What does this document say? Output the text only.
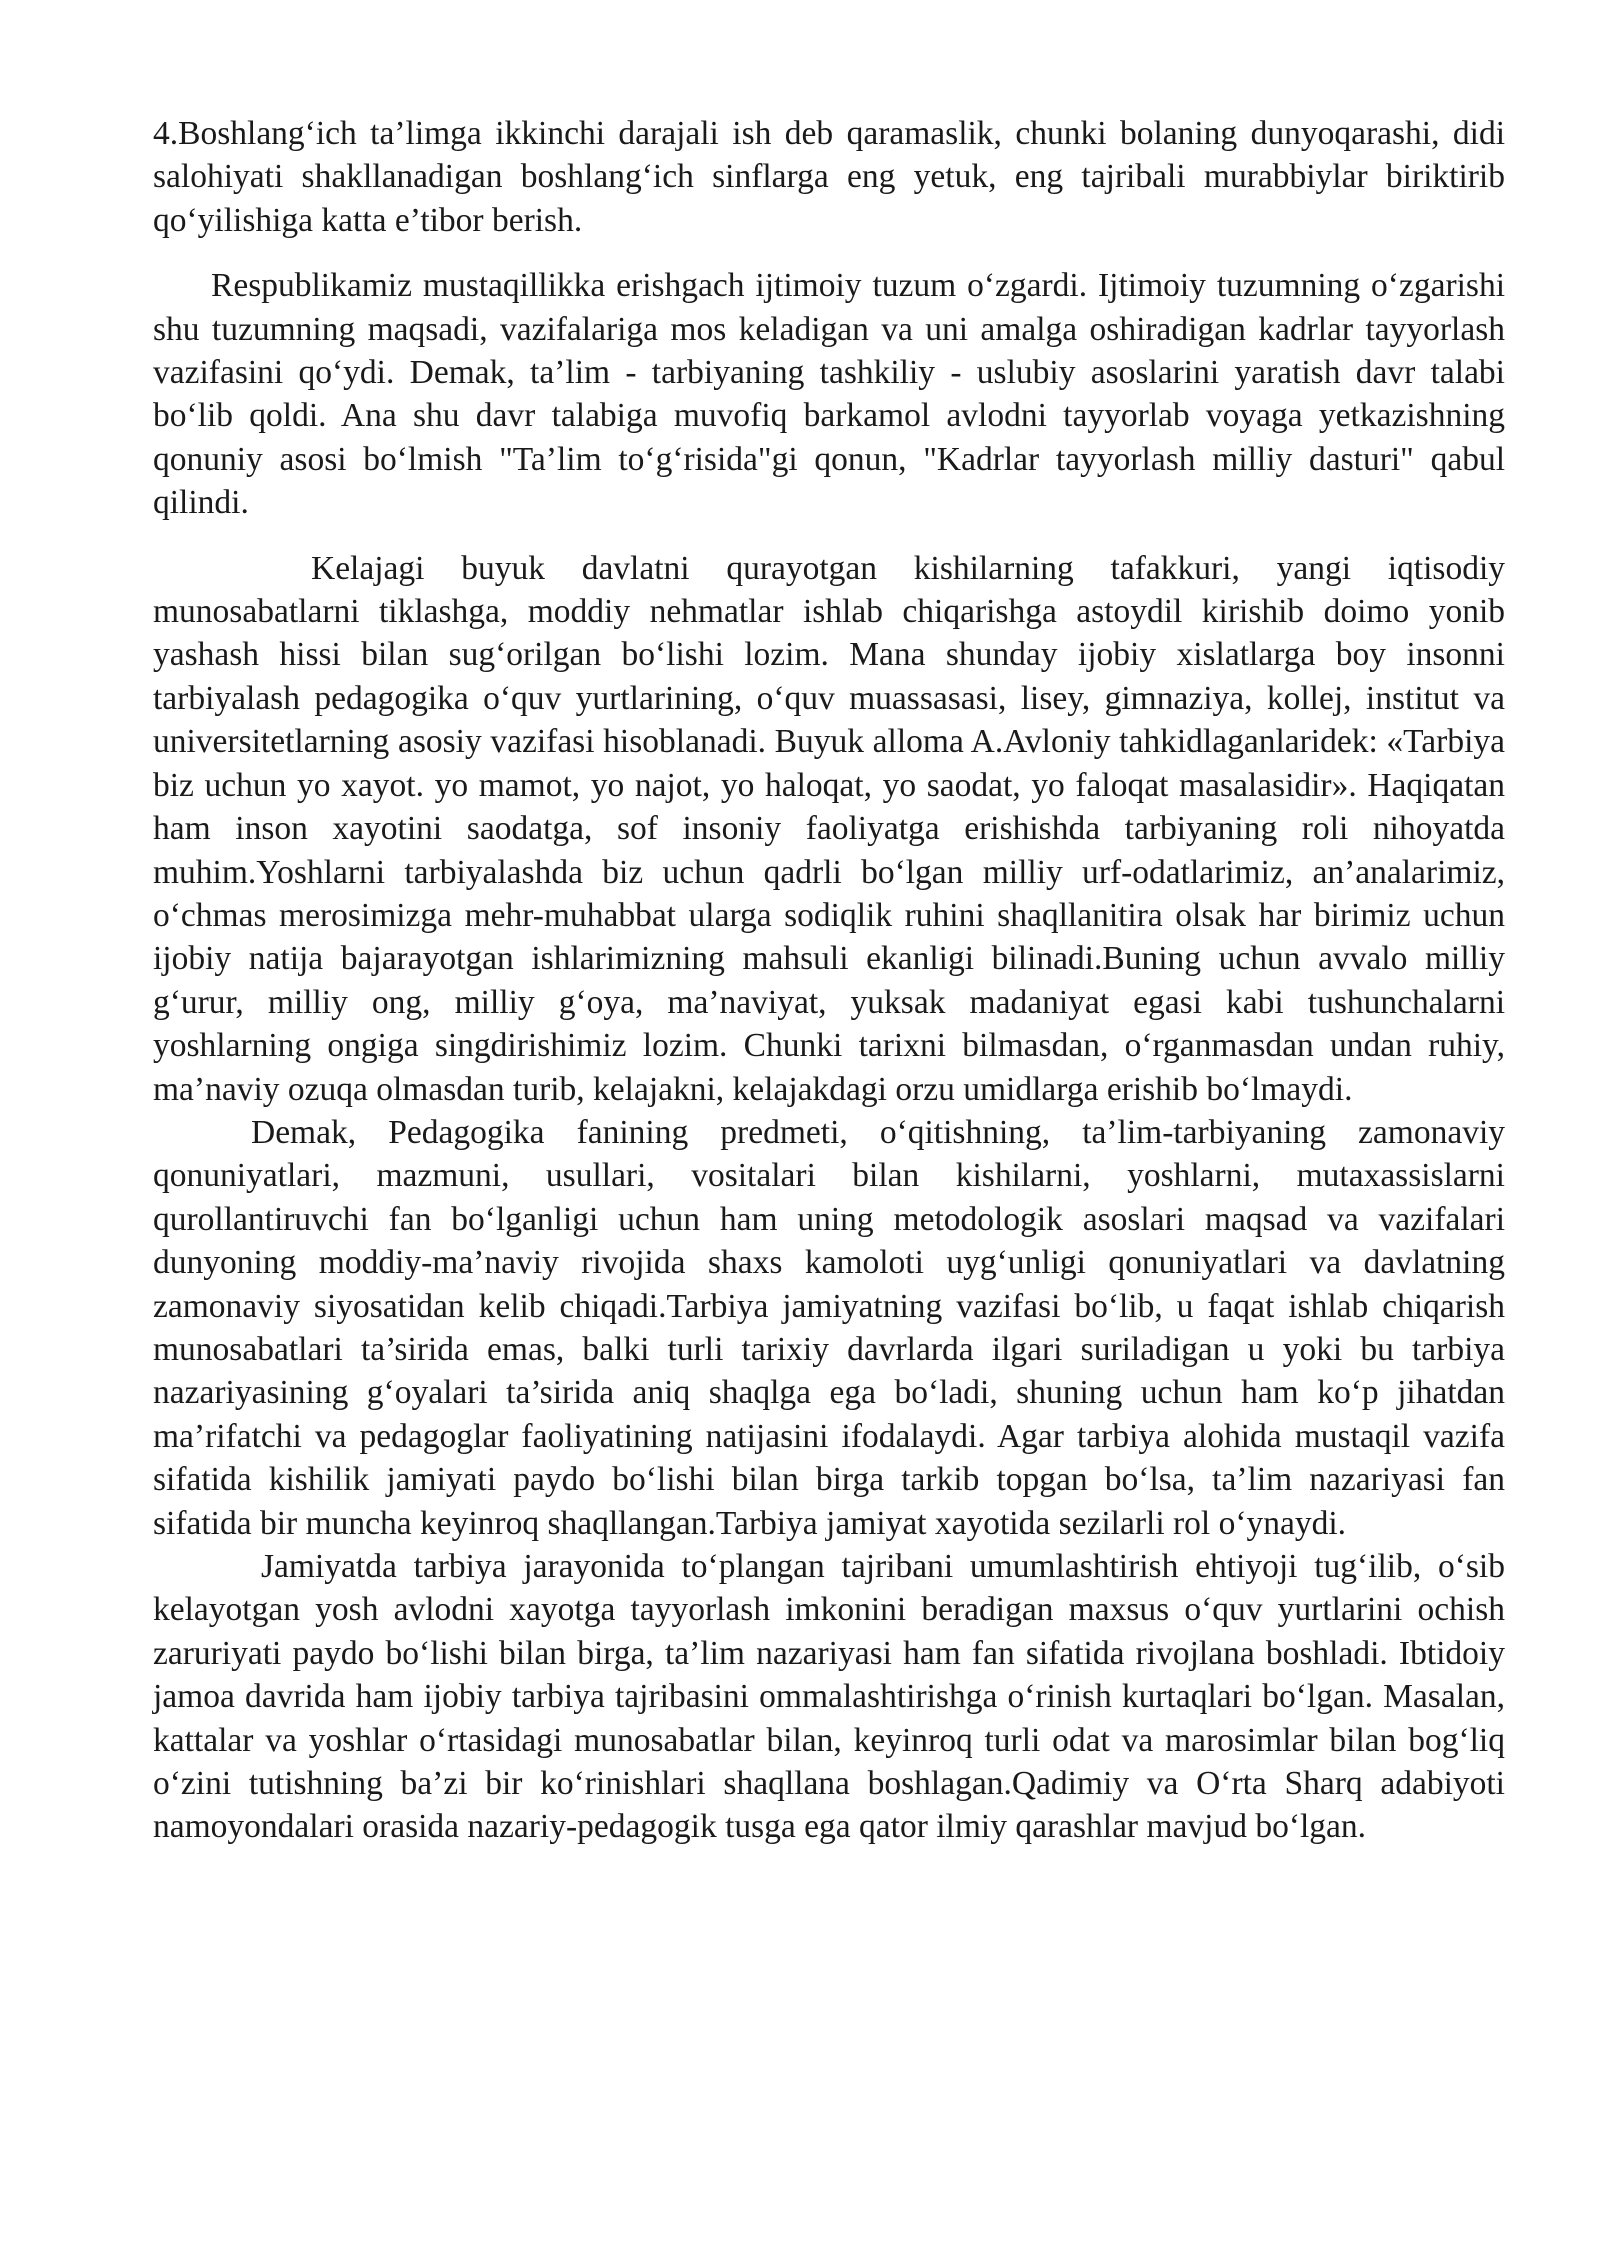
4.Boshlang‘ich ta’limga ikkinchi darajali ish deb qaramaslik, chunki bolaning dunyoqarashi, didi salohiyati shakllanadigan boshlang‘ich sinflarga eng yetuk, eng tajribali murabbiylar biriktirib qo‘yilishiga katta e’tibor berish.

Respublikamiz mustaqillikka erishgach ijtimoiy tuzum o‘zgardi. Ijtimoiy tuzumning o‘zgarishi shu tuzumning maqsadi, vazifalariga mos keladigan va uni amalga oshiradigan kadrlar tayyorlash vazifasini qo‘ydi. Demak, ta’lim - tarbiyaning tashkiliy - uslubiy asoslarini yaratish davr talabi bo‘lib qoldi. Ana shu davr talabiga muvofiq barkamol avlodni tayyorlab voyaga yetkazishning qonuniy asosi bo‘lmish "Ta’lim to‘g‘risida"gi qonun, "Kadrlar tayyorlash milliy dasturi" qabul qilindi.

Kelajagi buyuk davlatni qurayotgan kishilarning tafakkuri, yangi iqtisodiy munosabatlarni tiklashga, moddiy nehmatlar ishlab chiqarishga astoydil kirishib doimo yonib yashash hissi bilan sug‘orilgan bo‘lishi lozim. Mana shunday ijobiy xislatlarga boy insonni tarbiyalash pedagogika o‘quv yurtlarining, o‘quv muassasasi, lisey, gimnaziya, kollej, institut va universitetlarning asosiy vazifasi hisoblanadi. Buyuk alloma A.Avloniy tahkidlaganlaridek: «Tarbiya biz uchun yo xayot. yo mamot, yo najot, yo haloqat, yo saodat, yo faloqat masalasidir». Haqiqatan ham inson xayotini saodatga, sof insoniy faoliyatga erishishda tarbiyaning roli nihoyatda muhim.Yoshlarni tarbiyalashda biz uchun qadrli bo‘lgan milliy urf-odatlarimiz, an’analarimiz, o‘chmas merosimizga mehr-muhabbat ularga sodiqlik ruhini shaqllanitira olsak har birimiz uchun ijobiy natija bajarayotgan ishlarimizning mahsuli ekanligi bilinadi.Buning uchun avvalo milliy g‘urur, milliy ong, milliy g‘oya, ma’naviyat, yuksak madaniyat egasi kabi tushunchalarni yoshlarning ongiga singdirishimiz lozim. Chunki tarixni bilmasdan, o‘rganmasdan undan ruhiy, ma’naviy ozuqa olmasdan turib, kelajakni, kelajakdagi orzu umidlarga erishib bo‘lmaydi.

Demak, Pedagogika fanining predmeti, o‘qitishning, ta’lim-tarbiyaning zamonaviy qonuniyatlari, mazmuni, usullari, vositalari bilan kishilarni, yoshlarni, mutaxassislarni qurollantiruvchi fan bo‘lganligi uchun ham uning metodologik asoslari maqsad va vazifalari dunyoning moddiy-ma’naviy rivojida shaxs kamoloti uyg‘unligi qonuniyatlari va davlatning zamonaviy siyosatidan kelib chiqadi.Tarbiya jamiyatning vazifasi bo‘lib, u faqat ishlab chiqarish munosabatlari ta’sirida emas, balki turli tarixiy davrlarda ilgari suriladigan u yoki bu tarbiya nazariyasining g‘oyalari ta’sirida aniq shaqlga ega bo‘ladi, shuning uchun ham ko‘p jihatdan ma’rifatchi va pedagoglar faoliyatining natijasini ifodalaydi. Agar tarbiya alohida mustaqil vazifa sifatida kishilik jamiyati paydo bo‘lishi bilan birga tarkib topgan bo‘lsa, ta’lim nazariyasi fan sifatida bir muncha keyinroq shaqllangan.Tarbiya jamiyat xayotida sezilarli rol o‘ynaydi.

Jamiyatda tarbiya jarayonida to‘plangan tajribani umumlashtirish ehtiyoji tug‘ilib, o‘sib kelayotgan yosh avlodni xayotga tayyorlash imkonini beradigan maxsus o‘quv yurtlarini ochish zaruriyati paydo bo‘lishi bilan birga, ta’lim nazariyasi ham fan sifatida rivojlana boshladi. Ibtidoiy jamoa davrida ham ijobiy tarbiya tajribasini ommalashtirishga o‘rinish kurtaqlari bo‘lgan. Masalan, kattalar va yoshlar o‘rtasidagi munosabatlar bilan, keyinroq turli odat va marosimlar bilan bog‘liq o‘zini tutishning ba’zi bir ko‘rinishlari shaqllana boshlagan.Qadimiy va O‘rta Sharq adabiyoti namoyondalari orasida nazariy-pedagogik tusga ega qator ilmiy qarashlar mavjud bo‘lgan.
